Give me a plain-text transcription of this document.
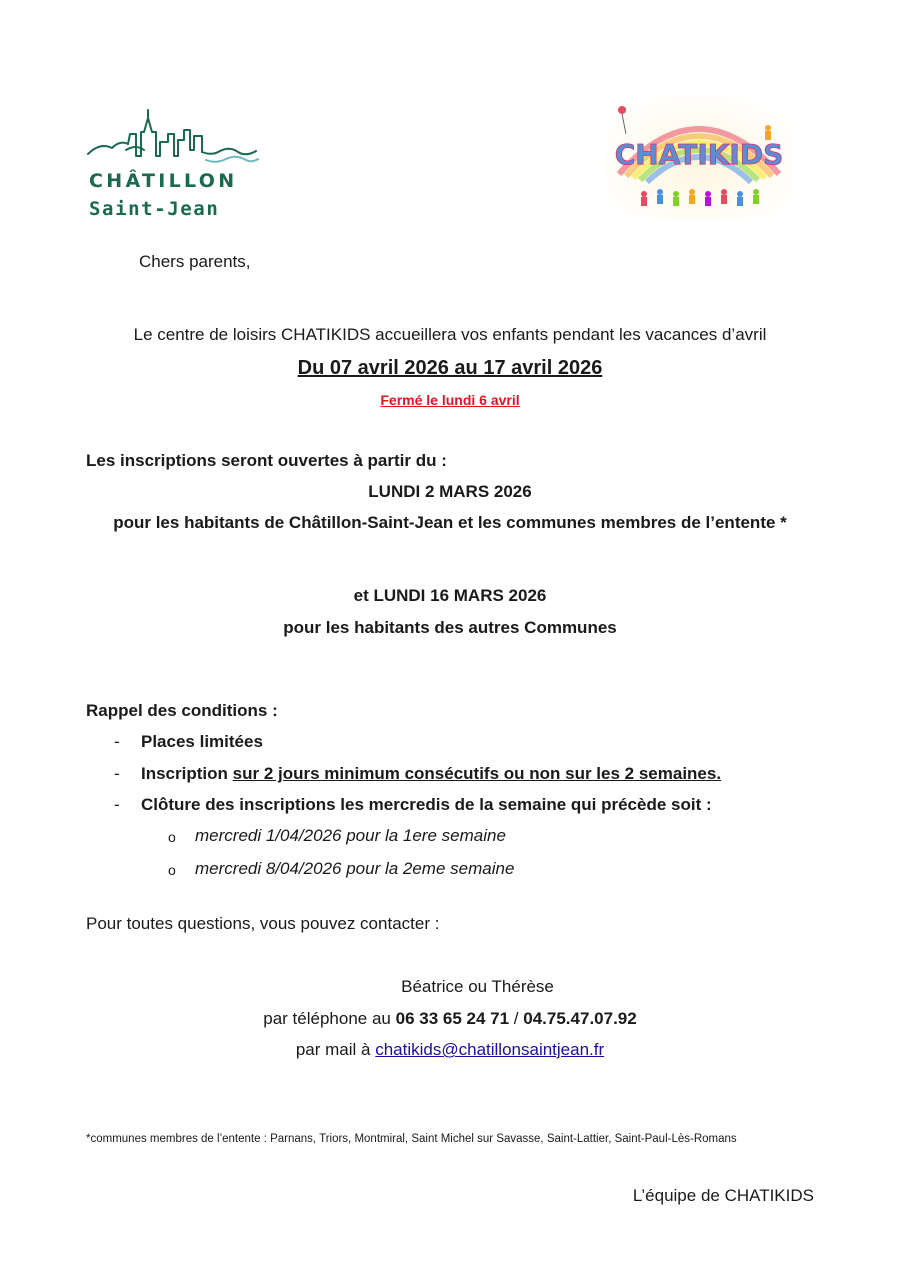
CHÂTILLON
Saint-Jean
CHATIKIDS
Chers parents,
Le centre de loisirs CHATIKIDS accueillera vos enfants pendant les vacances d’avril
Du 07 avril 2026 au 17 avril 2026
Fermé le lundi 6 avril
Les inscriptions seront ouvertes à partir du :
LUNDI 2 MARS 2026
pour les habitants de Châtillon-Saint-Jean et les communes membres de l’entente *
et LUNDI 16 MARS 2026
pour les habitants des autres Communes
Rappel des conditions :
- Places limitées
- Inscription sur 2 jours minimum consécutifs ou non sur les 2 semaines.
- Clôture des inscriptions les mercredis de la semaine qui précède soit :
o mercredi 1/04/2026 pour la 1ere semaine
o mercredi 8/04/2026 pour la 2eme semaine
Pour toutes questions, vous pouvez contacter :
Béatrice ou Thérèse
par téléphone au 06 33 65 24 71 / 04.75.47.07.92
par mail à chatikids@chatillonsaintjean.fr
*communes membres de l’entente : Parnans, Triors, Montmiral, Saint Michel sur Savasse, Saint-Lattier, Saint-Paul-Lès-Romans
L’équipe de CHATIKIDS
